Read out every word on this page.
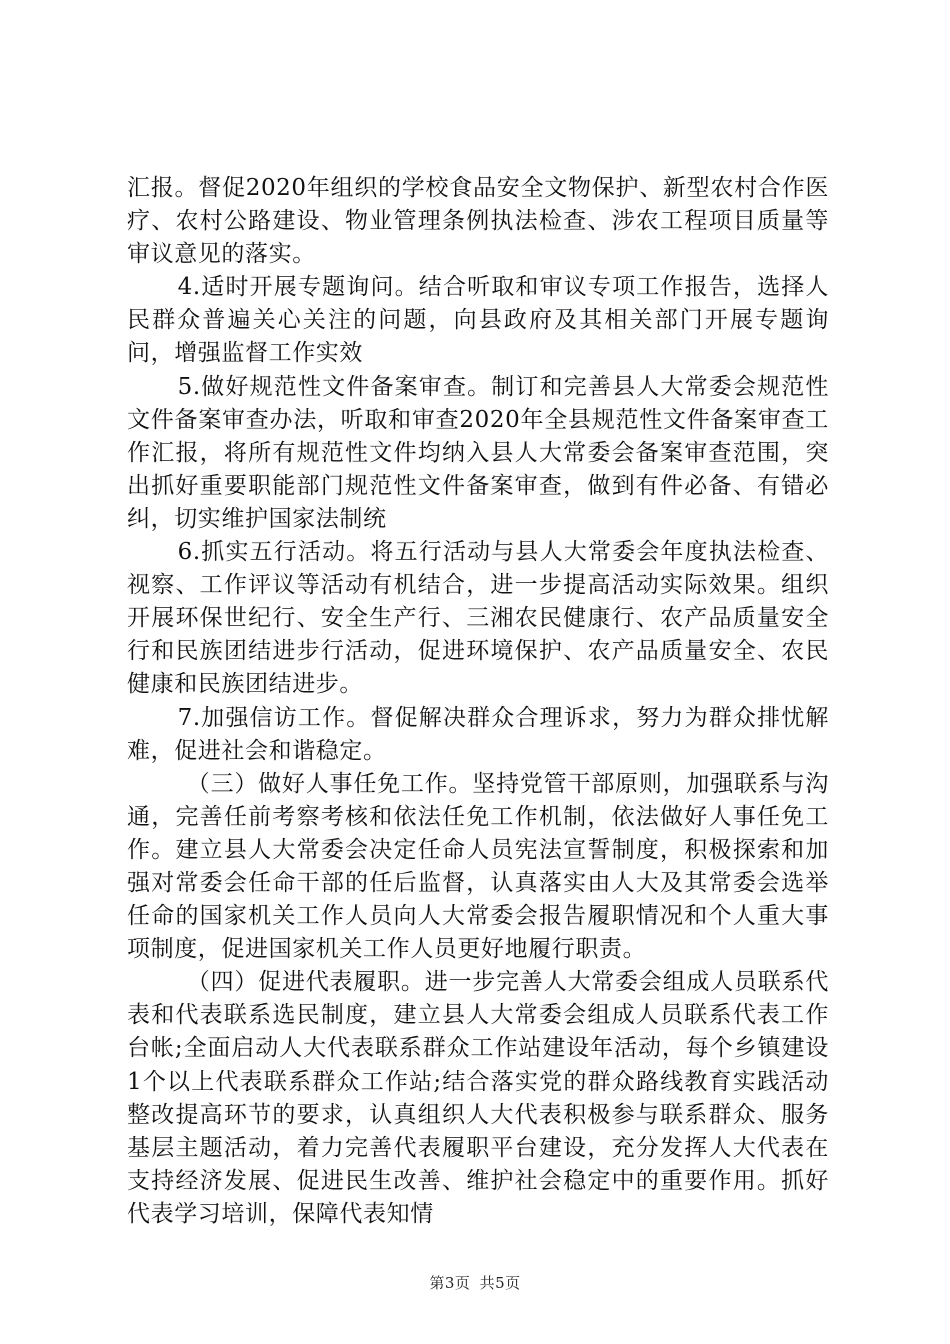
汇报。督促2020年组织的学校食品安全文物保护、新型农村合作医疗、农村公路建设、物业管理条例执法检查、涉农工程项目质量等审议意见的落实。

4.适时开展专题询问。结合听取和审议专项工作报告，选择人民群众普遍关心关注的问题，向县政府及其相关部门开展专题询问，增强监督工作实效

5.做好规范性文件备案审查。制订和完善县人大常委会规范性文件备案审查办法，听取和审查2020年全县规范性文件备案审查工作汇报，将所有规范性文件均纳入县人大常委会备案审查范围，突出抓好重要职能部门规范性文件备案审查，做到有件必备、有错必纠，切实维护国家法制统

6.抓实五行活动。将五行活动与县人大常委会年度执法检查、视察、工作评议等活动有机结合，进一步提高活动实际效果。组织开展环保世纪行、安全生产行、三湘农民健康行、农产品质量安全行和民族团结进步行活动，促进环境保护、农产品质量安全、农民健康和民族团结进步。

7.加强信访工作。督促解决群众合理诉求，努力为群众排忧解难，促进社会和谐稳定。

（三）做好人事任免工作。坚持党管干部原则，加强联系与沟通，完善任前考察考核和依法任免工作机制，依法做好人事任免工作。建立县人大常委会决定任命人员宪法宣誓制度，积极探索和加强对常委会任命干部的任后监督，认真落实由人大及其常委会选举任命的国家机关工作人员向人大常委会报告履职情况和个人重大事项制度，促进国家机关工作人员更好地履行职责。

（四）促进代表履职。进一步完善人大常委会组成人员联系代表和代表联系选民制度，建立县人大常委会组成人员联系代表工作台帐;全面启动人大代表联系群众工作站建设年活动，每个乡镇建设1个以上代表联系群众工作站;结合落实党的群众路线教育实践活动整改提高环节的要求，认真组织人大代表积极参与联系群众、服务基层主题活动，着力完善代表履职平台建设，充分发挥人大代表在支持经济发展、促进民生改善、维护社会稳定中的重要作用。抓好代表学习培训，保障代表知情

第3页 共5页
